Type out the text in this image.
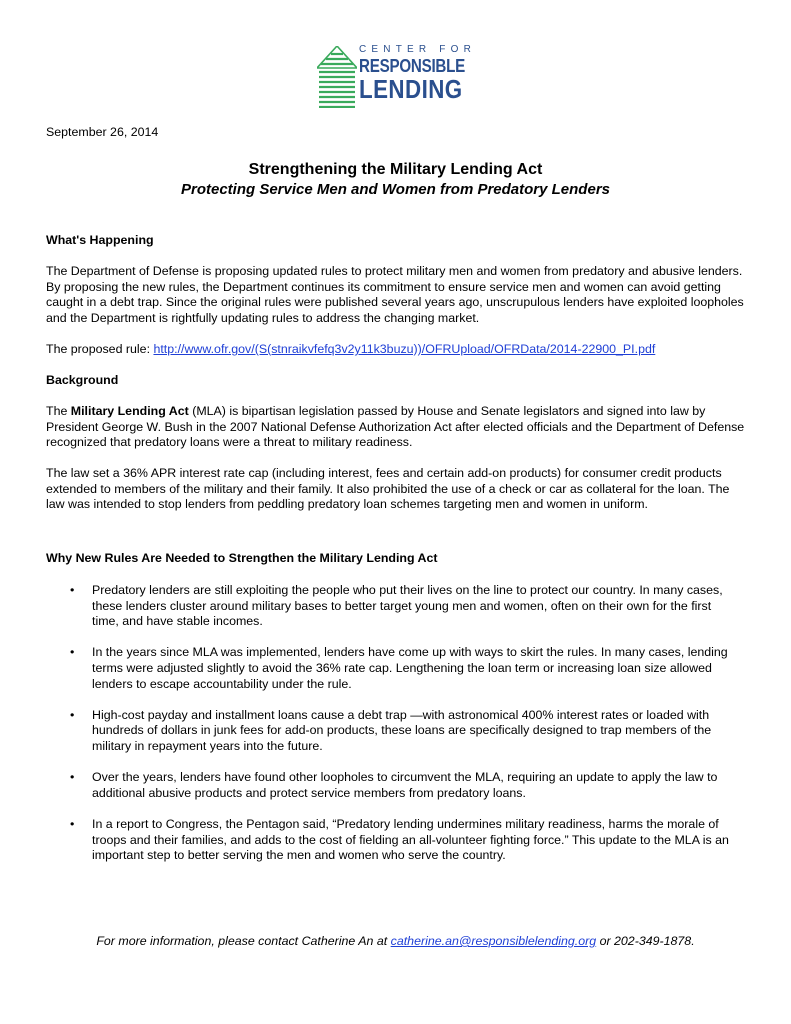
CENTER FOR
RESPONSIBLE
LENDING
September 26, 2014
Strengthening the Military Lending Act
Protecting Service Men and Women from Predatory Lenders
What's Happening
The Department of Defense is proposing updated rules to protect military men and women from predatory and abusive lenders. By proposing the new rules, the Department continues its commitment to ensure service men and women can avoid getting caught in a debt trap. Since the original rules were published several years ago, unscrupulous lenders have exploited loopholes and the Department is rightfully updating rules to address the changing market.
The proposed rule: http://www.ofr.gov/(S(stnraikvfefq3v2y11k3buzu))/OFRUpload/OFRData/2014-22900_PI.pdf
Background
The Military Lending Act (MLA) is bipartisan legislation passed by House and Senate legislators and signed into law by President George W. Bush in the 2007 National Defense Authorization Act after elected officials and the Department of Defense recognized that predatory loans were a threat to military readiness.
The law set a 36% APR interest rate cap (including interest, fees and certain add-on products) for consumer credit products extended to members of the military and their family. It also prohibited the use of a check or car as collateral for the loan. The law was intended to stop lenders from peddling predatory loan schemes targeting men and women in uniform.
Why New Rules Are Needed to Strengthen the Military Lending Act
• Predatory lenders are still exploiting the people who put their lives on the line to protect our country. In many cases, these lenders cluster around military bases to better target young men and women, often on their own for the first time, and have stable incomes.
• In the years since MLA was implemented, lenders have come up with ways to skirt the rules. In many cases, lending terms were adjusted slightly to avoid the 36% rate cap. Lengthening the loan term or increasing loan size allowed lenders to escape accountability under the rule.
• High-cost payday and installment loans cause a debt trap —with astronomical 400% interest rates or loaded with hundreds of dollars in junk fees for add-on products, these loans are specifically designed to trap members of the military in repayment years into the future.
• Over the years, lenders have found other loopholes to circumvent the MLA, requiring an update to apply the law to additional abusive products and protect service members from predatory loans.
• In a report to Congress, the Pentagon said, “Predatory lending undermines military readiness, harms the morale of troops and their families, and adds to the cost of fielding an all-volunteer fighting force.” This update to the MLA is an important step to better serving the men and women who serve the country.
For more information, please contact Catherine An at catherine.an@responsiblelending.org or 202-349-1878.
